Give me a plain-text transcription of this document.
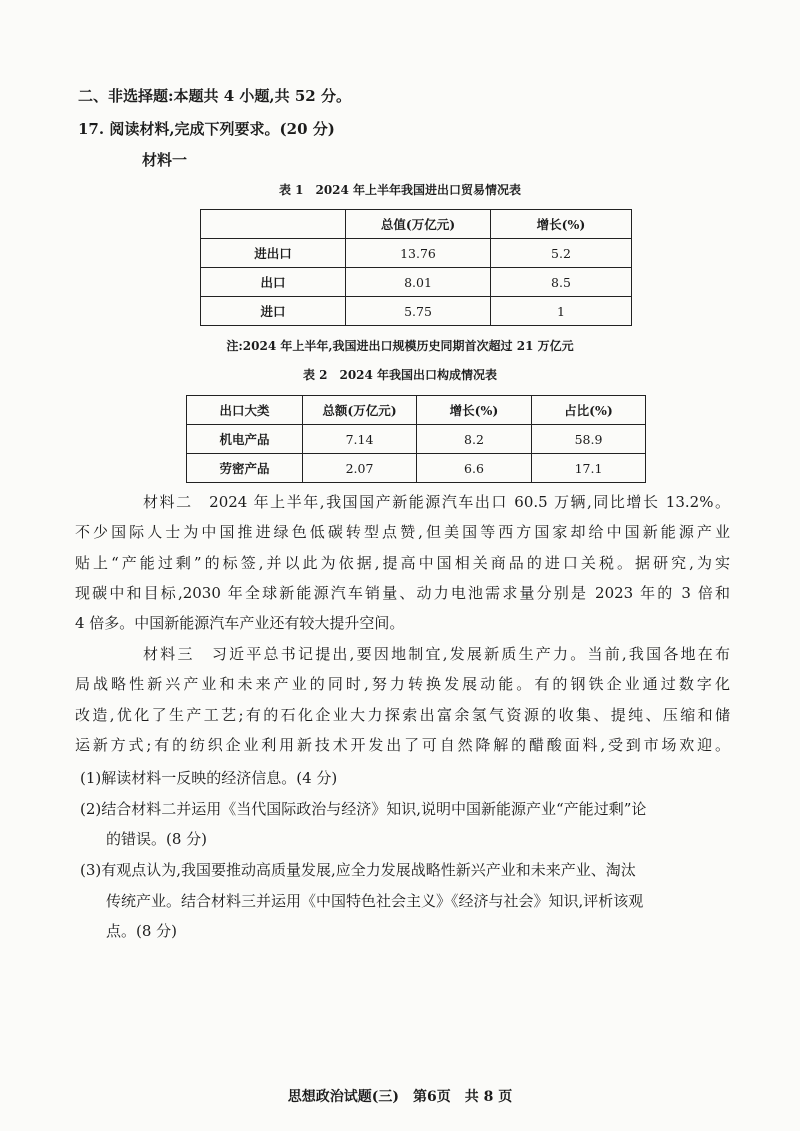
二、非选择题:本题共 4 小题,共 52 分。
17. 阅读材料,完成下列要求。(20 分)
材料一
表 1　2024 年上半年我国进出口贸易情况表
	总值(万亿元)	增长(%)
进出口	13.76	5.2
出口	8.01	8.5
进口	5.75	1
注:2024 年上半年,我国进出口规模历史同期首次超过 21 万亿元
表 2　2024 年我国出口构成情况表
出口大类	总额(万亿元)	增长(%)	占比(%)
机电产品	7.14	8.2	58.9
劳密产品	2.07	6.6	17.1
材料二　2024 年上半年,我国国产新能源汽车出口 60.5 万辆,同比增长 13.2%。
不少国际人士为中国推进绿色低碳转型点赞,但美国等西方国家却给中国新能源产业
贴上“产能过剩”的标签,并以此为依据,提高中国相关商品的进口关税。据研究,为实
现碳中和目标,2030 年全球新能源汽车销量、动力电池需求量分别是 2023 年的 3 倍和
4 倍多。中国新能源汽车产业还有较大提升空间。
材料三　习近平总书记提出,要因地制宜,发展新质生产力。当前,我国各地在布
局战略性新兴产业和未来产业的同时,努力转换发展动能。有的钢铁企业通过数字化
改造,优化了生产工艺;有的石化企业大力探索出富余氢气资源的收集、提纯、压缩和储
运新方式;有的纺织企业利用新技术开发出了可自然降解的醋酸面料,受到市场欢迎。
(1)解读材料一反映的经济信息。(4 分)
(2)结合材料二并运用《当代国际政治与经济》知识,说明中国新能源产业“产能过剩”论
的错误。(8 分)
(3)有观点认为,我国要推动高质量发展,应全力发展战略性新兴产业和未来产业、淘汰
传统产业。结合材料三并运用《中国特色社会主义》《经济与社会》知识,评析该观
点。(8 分)
思想政治试题(三)　第6页　共 8 页
